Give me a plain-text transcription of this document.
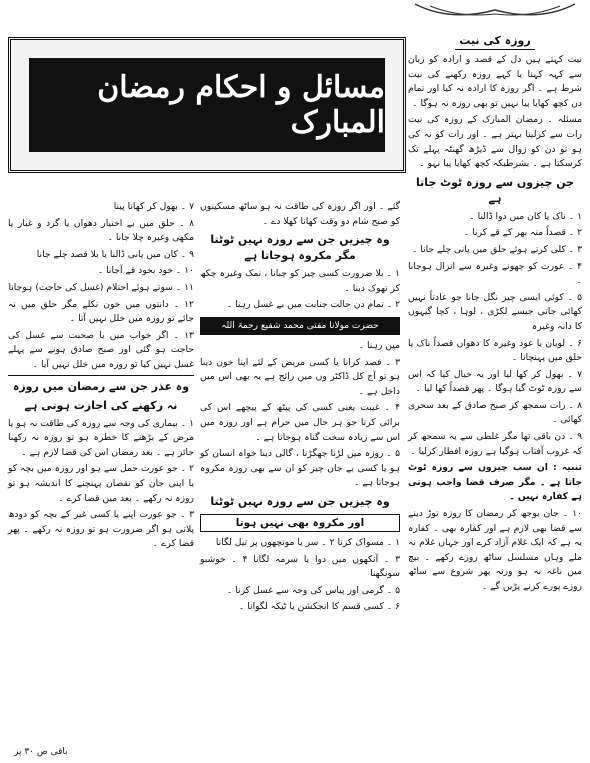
مسائل و احکام رمضان المبارک
روزہ کی نیت

نیت کہتے ہیں دل کے قصد و ارادہ کو زبان سے کہہ کہنا یا کہے روزہ رکھنے کی نیت شرط ہے ۔ اگر روزہ کا ارادہ نہ کیا اور تمام دن کچھ کھایا پیا نہیں تو بھی روزہ نہ ہوگا ۔

مسئلہ ۔ رمضان المبارک کے روزہ کی نیت رات سے کرلینا بہتر ہے ۔ اور رات کو نہ کی ہو تو دن کو زوال سے ڈیڑھ گھنٹہ پہلے تک کرسکتا ہے ۔ بشرطیکہ کچھ کھایا پیا نہو ۔

جن چیزوں سے روزہ ٹوٹ جاتا ہے

۱ ۔ ناک یا کان میں دوا ڈالنا ۔

۲ ۔ قصداً منہ بھر کے قے کرنا ۔

۳ ۔ کلی کرتے ہوئے حلق میں پانی چلے جانا ۔

۴ ۔ عورت کو چھونے وغیرہ سے انزال ہوجانا ۔

۵ ۔ کوئی ایسی چیز نگل جانا جو عادتاً نہیں کھائی جاتی جیسے لکڑی ، لوہا ، کچا گیہوں کا دانہ وغیرہ

۶ ۔ لوبان یا عود وغیرہ کا دھواں قصداً ناک یا حلق میں پہنچانا ۔

۷ ۔ بھول کر کھا لیا اور یہ خیال کیا کہ اس سے روزہ ٹوٹ گیا ہوگا ۔ پھر قصداً کھا لیا ۔

۸ ۔ رات سمجھ کر صبح صادق کے بعد سحری کھائی ۔

۹ ۔ دن باقی تھا مگر غلطی سے یہ سمجھ کر کہ غروب آفتاب ہوگیا ہے روزہ افطار کرلیا ۔

تنبیہ : ان سب چیزوں سے روزہ ٹوٹ جاتا ہے ۔ مگر صرف قضا واجب ہوتی ہے کفارہ نہیں ۔

۱۰ ۔ جان بوجھ کر رمضان کا روزہ توڑ دینے سے قضا بھی لازم ہے اور کفارہ بھی ۔ کفارہ یہ ہے کہ ایک غلام آزاد کرے اور جہاں غلام نہ ملے وہاں مسلسل ساٹھ روزے رکھے ۔ بیچ میں ناغہ نہ ہو ورنہ پھر شروع سے ساٹھ روزے پورے کرنے پڑیں گے ۔

گئے ۔ اور اگر روزہ کی طاقت نہ ہو ساٹھ مسکینوں کو صبح شام دو وقت کھانا کھلا دے ۔

وہ چیزیں جن سے روزہ نہیں ٹوٹتا مگر مکروہ ہوجاتا ہے

۱ ۔ بلا ضرورت کسی چیز کو چبانا ، نمک وغیرہ چکھ کر تھوک دینا ۔

۲ ۔ تمام دن حالت جنابت میں بے غسل رہنا ۔

حضرت مولانا مفتی محمد شفیع رحمۃ اللہ

میں رہنا ۔

۳ ۔ فصد کرانا یا کسی مریض کے لئے اپنا خون دینا ہو تو آج کل ڈاکٹر وں میں رائج ہے یہ بھی اس میں داخل ہے ۔

۴ ۔ غیبت یعنی کسی کی پیٹھ کے پیچھے اس کی برائی کرنا جو ہر حال میں حرام ہے اور روزہ میں اس سے زیادہ سخت گناہ ہوجاتا ہے ۔

۵ ۔ روزہ میں لڑنا جھگڑنا ، گالی دینا خواہ انسان کو ہو یا کسی بے جان چیز کو ان سے بھی روزہ مکروہ ہوجاتا ہے ۔

وہ چیزیں جن سے روزہ نہیں ٹوٹتا
اور مکروہ بھی نہیں ہوتا

۱ ۔ مسواک کرنا ۲ ۔ سر یا مونچھوں پر تیل لگانا

۳ ۔ آنکھوں میں دوا یا سرمہ لگانا ۴ ۔ خوشبو سونگھنا

۵ ۔ گرمی اور پیاس کی وجہ سے غسل کرنا ۔

۶ ۔ کسی قسم کا انجکشن یا ٹیکہ لگوانا ۔

۷ ۔ بھول کر کھانا پینا

۸ ۔ حلق میں بے اختیار دھواں یا گرد و غبار یا مکھی وغیرہ چلا جانا ۔

۹ ۔ کان میں پانی ڈالنا یا بلا قصد چلے جانا

۱۰ ۔ خود بخود قے آجانا ۔

۱۱ ۔ سوتے ہوئے احتلام (غسل کی حاجت) ہوجانا

۱۲ ۔ دانتوں میں خون نکلے مگر حلق میں نہ جائے تو روزہ میں خلل نہیں آتا ۔

۱۳ ۔ اگر خواب میں یا صحبت سے غسل کی حاجت ہو گئی اور صبح صادق ہونے سے پہلے غسل نہیں کیا تو روزہ میں خلل نہیں آیا ۔

وہ عذر جن سے رمضان میں روزہ
نہ رکھنے کی اجازت ہوتی ہے

۱ ۔ بیماری کی وجہ سے روزہ کی طاقت نہ ہو یا مرض کے بڑھنے کا خطرہ ہو تو روزہ نہ رکھنا جائز ہے ۔ بعد رمضان اس کی قضا لازم ہے ۔

۲ ۔ جو عورت حمل سے ہو اور روزہ میں بچہ کو یا اپنی جان کو نقصان پہنچنے کا اندیشہ ہو تو روزہ نہ رکھے ۔ بعد میں قضا کرے ۔

۳ ۔ جو عورت اپنے یا کسی غیر کے بچہ کو دودھ پلاتی ہو اگر ضرورت ہو تو روزہ نہ رکھے ۔ پھر قضا کرے ۔

باقی ص ۳۰ پر
